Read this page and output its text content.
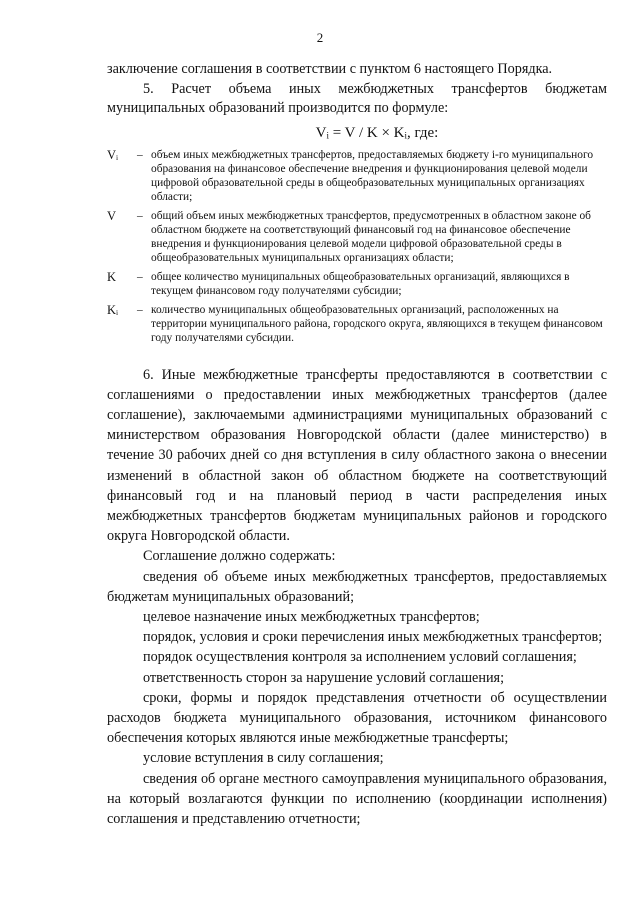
2

заключение соглашения в соответствии с пунктом 6 настоящего Порядка.

5. Расчет объема иных межбюджетных трансфертов бюджетам муниципальных образований производится по формуле:

Vᵢ = V / K × Kᵢ, где:
Vᵢ	– объем иных межбюджетных трансфертов, предоставляемых бюджету i-го муниципального образования на финансовое обеспечение внедрения и функционирования целевой модели цифровой образовательной среды в общеобразовательных муниципальных организациях области;
V	– общий объем иных межбюджетных трансфертов, предусмотренных в областном законе об областном бюджете на соответствующий финансовый год на финансовое обеспечение внедрения и функционирования целевой модели цифровой образовательной среды в общеобразовательных муниципальных организациях области;
K	– общее количество муниципальных общеобразовательных организаций, являющихся в текущем финансовом году получателями субсидии;
Kᵢ	– количество муниципальных общеобразовательных организаций, расположенных на территории муниципального района, городского округа, являющихся в текущем финансовом году получателями субсидии.

6. Иные межбюджетные трансферты предоставляются в соответствии с соглашениями о предоставлении иных межбюджетных трансфертов (далее соглашение), заключаемыми администрациями муниципальных образований с министерством образования Новгородской области (далее министерство) в течение 30 рабочих дней со дня вступления в силу областного закона о внесении изменений в областной закон об областном бюджете на соответствующий финансовый год и на плановый период в части распределения иных межбюджетных трансфертов бюджетам муниципальных районов и городского округа Новгородской области.

Соглашение должно содержать:

сведения об объеме иных межбюджетных трансфертов, предоставляемых бюджетам муниципальных образований;

целевое назначение иных межбюджетных трансфертов;

порядок, условия и сроки перечисления иных межбюджетных трансфертов;

порядок осуществления контроля за исполнением условий соглашения;

ответственность сторон за нарушение условий соглашения;

сроки, формы и порядок представления отчетности об осуществлении расходов бюджета муниципального образования, источником финансового обеспечения которых являются иные межбюджетные трансферты;

условие вступления в силу соглашения;

сведения об органе местного самоуправления муниципального образования, на который возлагаются функции по исполнению (координации исполнения) соглашения и представлению отчетности;
